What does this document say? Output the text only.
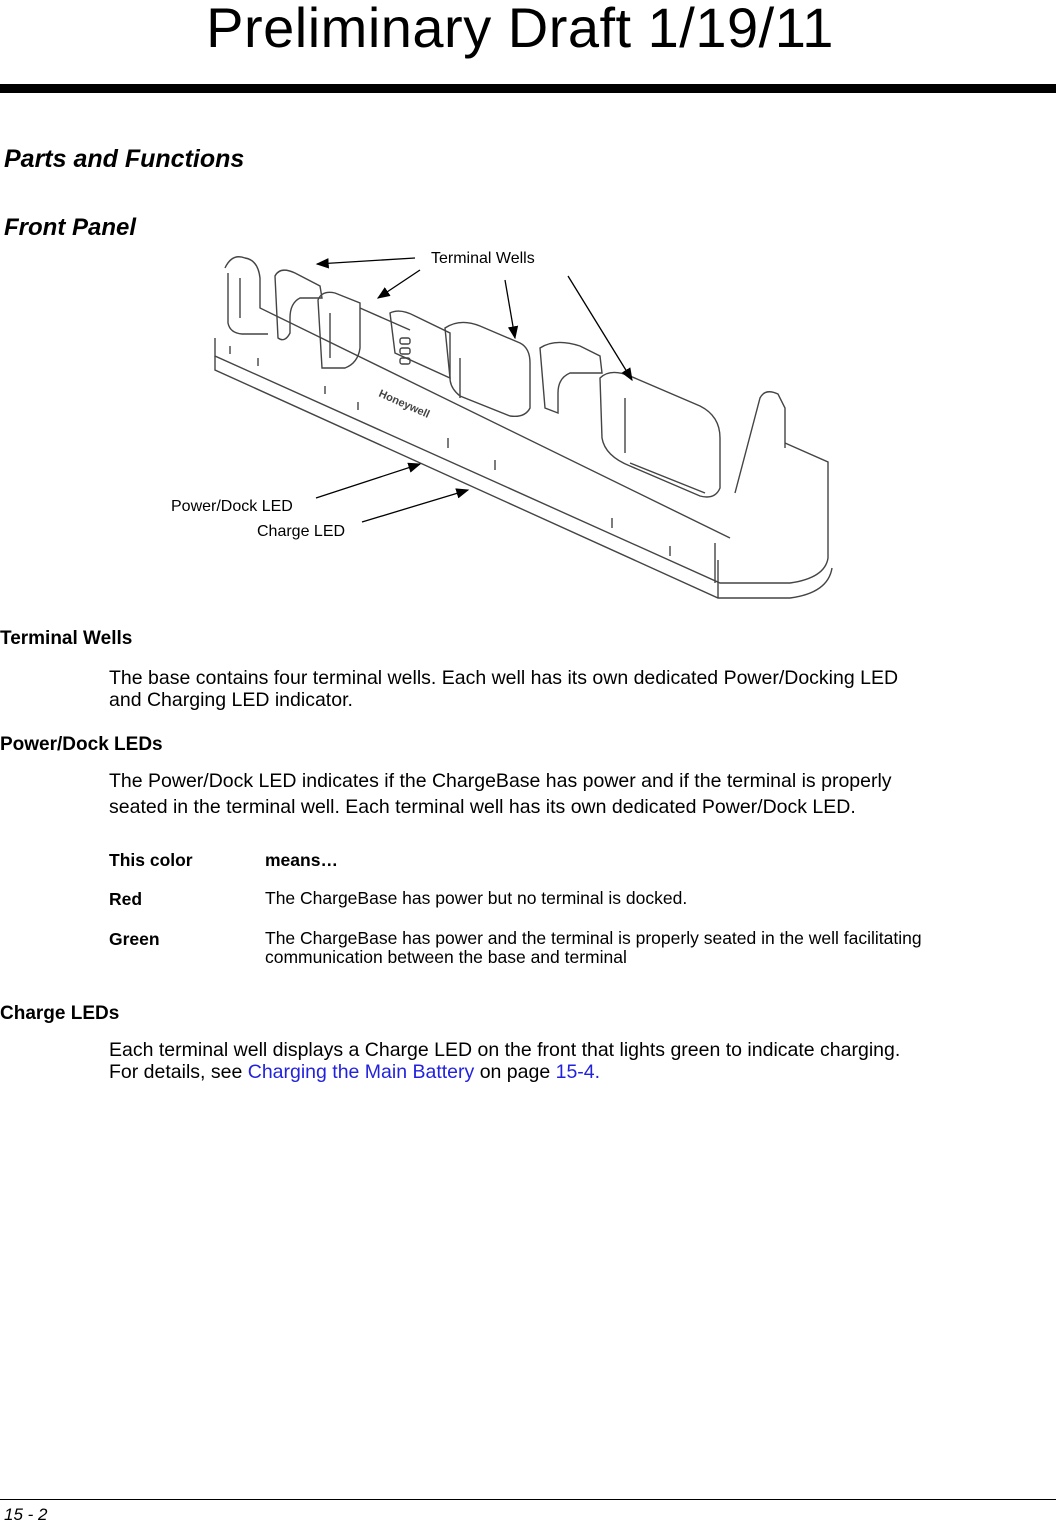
Preliminary Draft 1/19/11
Parts and Functions
Front Panel
Honeywell
Terminal Wells
Power/Dock LED
Charge LED
Terminal Wells
The base contains four terminal wells. Each well has its own dedicated Power/Docking LED
and Charging LED indicator.
Power/Dock LEDs
The Power/Dock LED indicates if the ChargeBase has power and if the terminal is properly
seated in the terminal well. Each terminal well has its own dedicated Power/Dock LED.
This color	means…
Red	The ChargeBase has power but no terminal is docked.
Green	The ChargeBase has power and the terminal is properly seated in the well facilitating
communication between the base and terminal
Charge LEDs
Each terminal well displays a Charge LED on the front that lights green to indicate charging.
For details, see Charging the Main Battery on page 15-4.
15 - 2
